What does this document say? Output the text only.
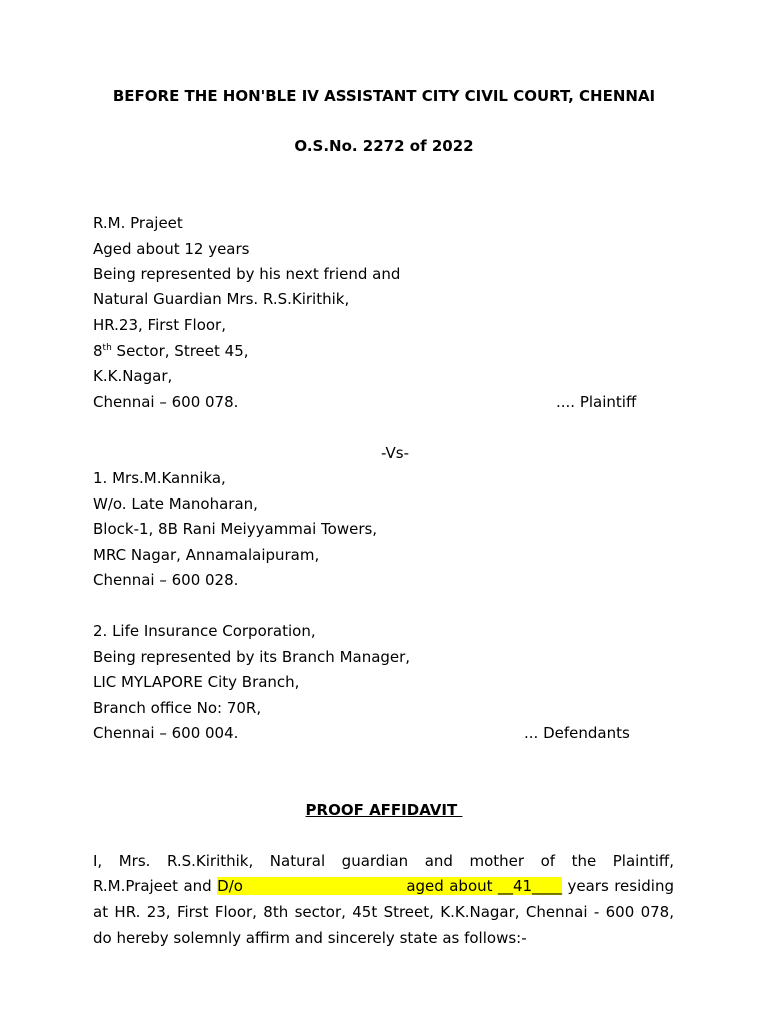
BEFORE THE HON'BLE IV ASSISTANT CITY CIVIL COURT, CHENNAI
O.S.No. 2272 of 2022
R.M. Prajeet
Aged about 12 years
Being represented by his next friend and
Natural Guardian Mrs. R.S.Kirithik,
HR.23, First Floor,
8th Sector, Street 45,
K.K.Nagar,
Chennai – 600 078.	.... Plaintiff
-Vs-
1. Mrs.M.Kannika,
W/o. Late Manoharan,
Block-1, 8B Rani Meiyyammai Towers,
MRC Nagar, Annamalaipuram,
Chennai – 600 028.
2. Life Insurance Corporation,
Being represented by its Branch Manager,
LIC MYLAPORE City Branch,
Branch office No: 70R,
Chennai – 600 004.	... Defendants
PROOF AFFIDAVIT
I, Mrs. R.S.Kirithik, Natural guardian and mother of the Plaintiff,
R.M.Prajeet and D/o                              aged about __41____ years residing
at HR. 23, First Floor, 8th sector, 45t Street, K.K.Nagar, Chennai - 600 078,
do hereby solemnly affirm and sincerely state as follows:-
